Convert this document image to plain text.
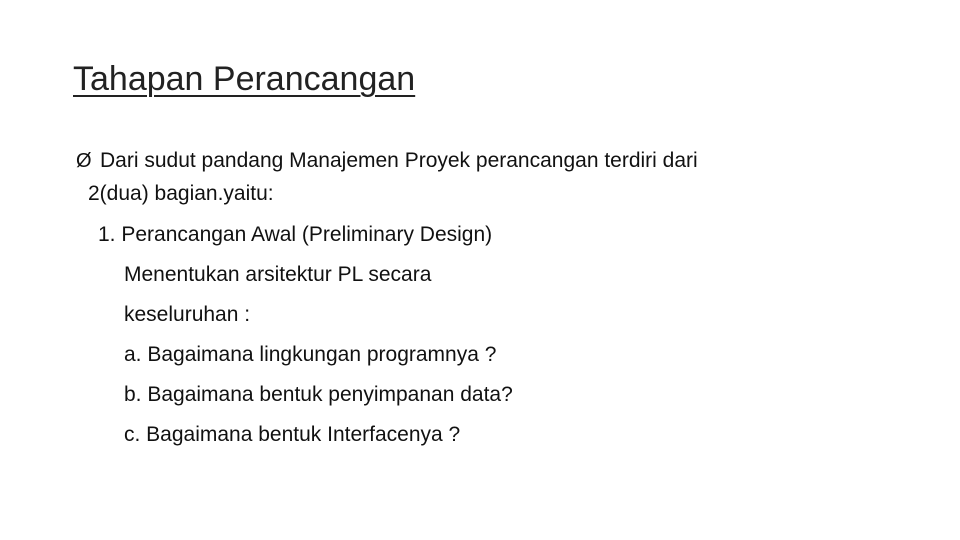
Tahapan Perancangan
Ø Dari sudut pandang Manajemen Proyek perancangan terdiri dari
2(dua) bagian.yaitu:
1. Perancangan Awal (Preliminary Design)
Menentukan arsitektur PL secara
keseluruhan :
a. Bagaimana lingkungan programnya ?
b. Bagaimana bentuk penyimpanan data?
c. Bagaimana bentuk Interfacenya ?
